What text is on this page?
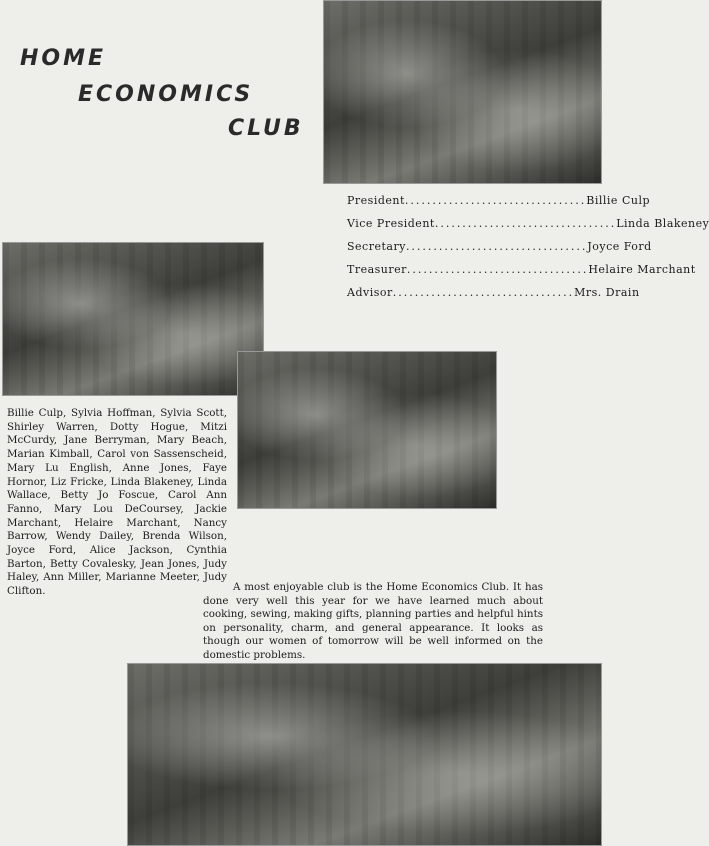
HOME
ECONOMICS
CLUB
President ................................. Billie Culp
Vice President ................................. Linda Blakeney
Secretary ................................. Joyce Ford
Treasurer ................................. Helaire Marchant
Advisor ................................. Mrs. Drain
Billie Culp, Sylvia Hoffman, Sylvia Scott, Shirley Warren, Dotty Hogue, Mitzi McCurdy, Jane Berryman, Mary Beach, Marian Kimball, Carol von Sassenscheid, Mary Lu English, Anne Jones, Faye Hornor, Liz Fricke, Linda Blakeney, Linda Wallace, Betty Jo Foscue, Carol Ann Fanno, Mary Lou DeCoursey, Jackie Marchant, Helaire Marchant, Nancy Barrow, Wendy Dailey, Brenda Wilson, Joyce Ford, Alice Jackson, Cynthia Barton, Betty Covalesky, Jean Jones, Judy Haley, Ann Miller, Marianne Meeter, Judy Clifton.	A most enjoyable club is the Home Economics Club. It has done very well this year for we have learned much about cooking, sewing, making gifts, planning parties and helpful hints on personality, charm, and general appearance. It looks as though our women of tomorrow will be well informed on the domestic problems.
